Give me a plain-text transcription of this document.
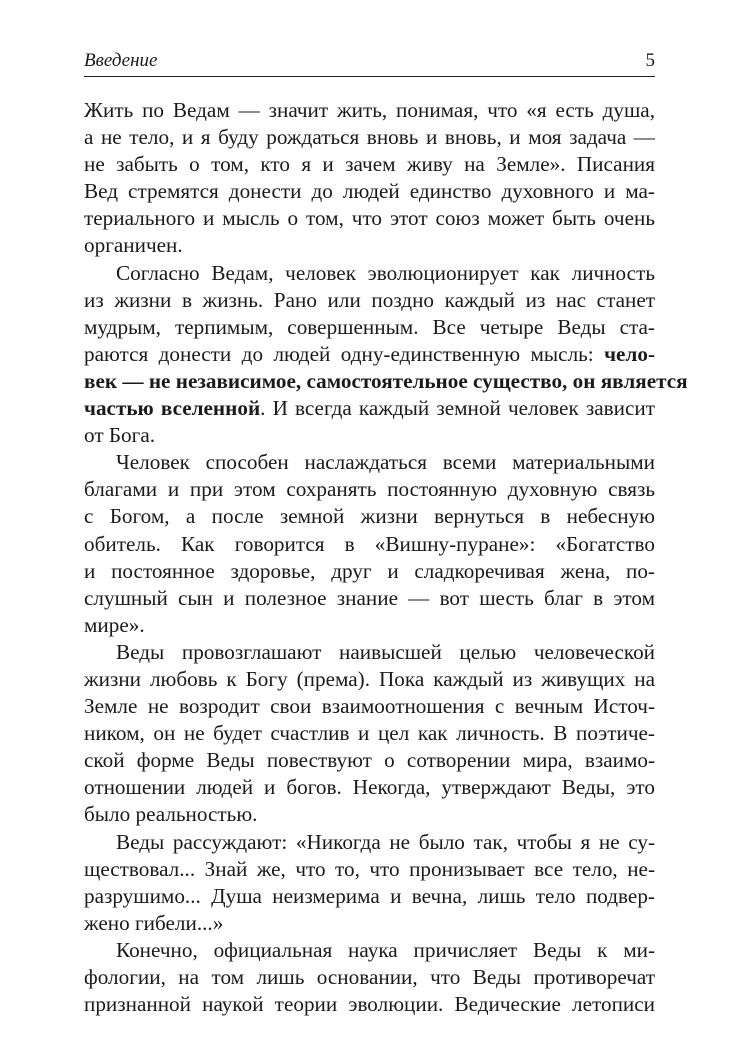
Введение	5
Жить по Ведам — значит жить, понимая, что «я есть душа,
а не тело, и я буду рождаться вновь и вновь, и моя задача —
не забыть о том, кто я и зачем живу на Земле». Писания
Вед стремятся донести до людей единство духовного и ма-
териального и мысль о том, что этот союз может быть очень
органичен.
Согласно Ведам, человек эволюционирует как личность
из жизни в жизнь. Рано или поздно каждый из нас станет
мудрым, терпимым, совершенным. Все четыре Веды ста-
раются донести до людей одну-единственную мысль: чело-
век — не независимое, самостоятельное существо, он является
частью вселенной. И всегда каждый земной человек зависит
от Бога.
Человек способен наслаждаться всеми материальными
благами и при этом сохранять постоянную духовную связь
с Богом, а после земной жизни вернуться в небесную
обитель. Как говорится в «Вишну-пуране»: «Богатство
и постоянное здоровье, друг и сладкоречивая жена, по-
слушный сын и полезное знание — вот шесть благ в этом
мире».
Веды провозглашают наивысшей целью человеческой
жизни любовь к Богу (према). Пока каждый из живущих на
Земле не возродит свои взаимоотношения с вечным Источ-
ником, он не будет счастлив и цел как личность. В поэтиче-
ской форме Веды повествуют о сотворении мира, взаимо-
отношении людей и богов. Некогда, утверждают Веды, это
было реальностью.
Веды рассуждают: «Никогда не было так, чтобы я не су-
ществовал... Знай же, что то, что пронизывает все тело, не-
разрушимо... Душа неизмерима и вечна, лишь тело подвер-
жено гибели...»
Конечно, официальная наука причисляет Веды к ми-
фологии, на том лишь основании, что Веды противоречат
признанной наукой теории эволюции. Ведические летописи
